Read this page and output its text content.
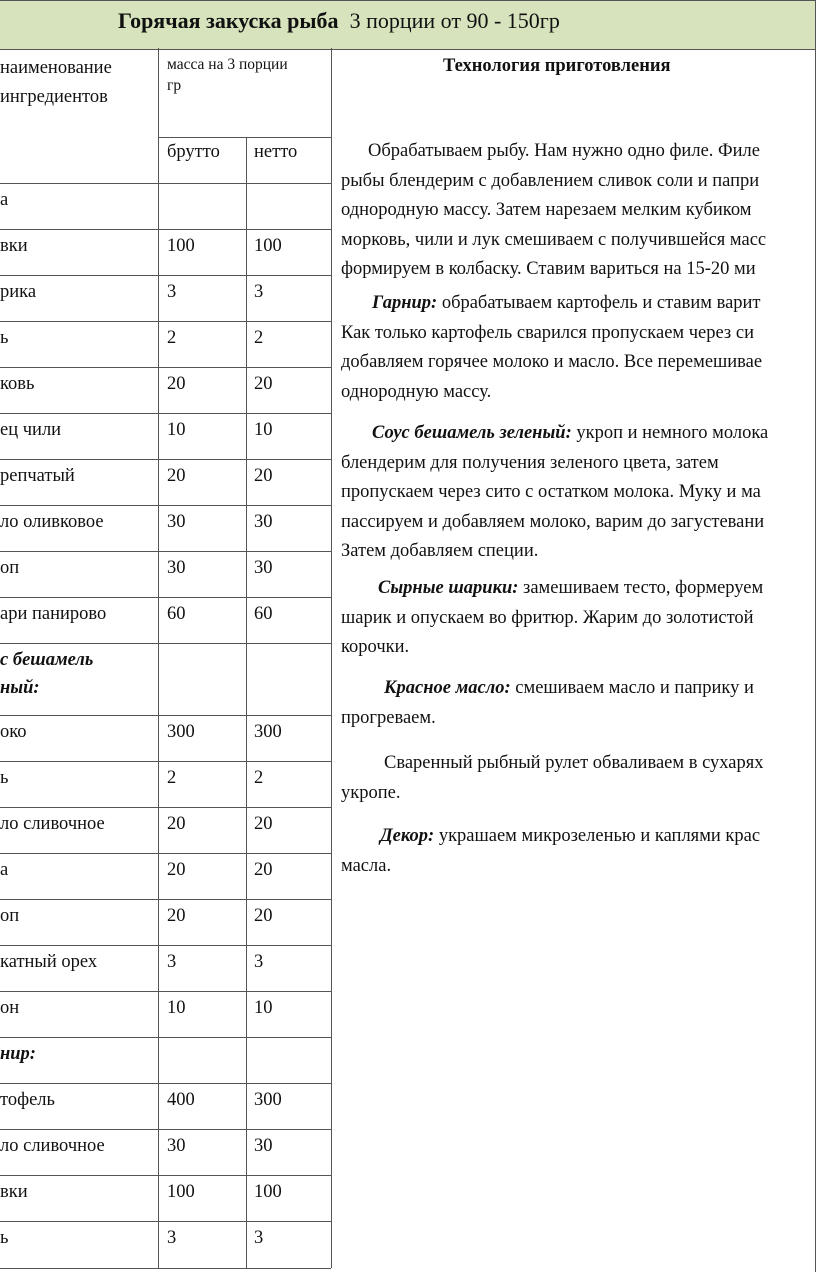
Горячая закуска рыба 3 порции от 90 - 150гр
наименование
ингредиентов
масса на 3 порции
гр
Технология приготовления
брутто нетто
а
вки	100	100
рика	3	3
ь	2	2
ковь	20	20
ец чили	10	10
репчатый	20	20
ло оливковое	30	30
оп	30	30
ари панирово	60	60
с бешамель
ный:
око	300	300
ь	2	2
ло сливочное	20	20
а	20	20
оп	20	20
катный орех	3	3
он	10	10
нир:
тофель	400	300
ло сливочное	30	30
вки	100	100
ь	3	3
Обрабатываем рыбу. Нам нужно одно филе. Филе
рыбы блендерим с добавлением сливок соли и папри
однородную массу. Затем нарезаем мелким кубиком
морковь, чили и лук смешиваем с получившейся масс
формируем в колбаску. Ставим вариться на 15-20 ми
Гарнир: обрабатываем картофель и ставим варит
Как только картофель сварился пропускаем через си
добавляем горячее молоко и масло. Все перемешивае
однородную массу.
Соус бешамель зеленый: укроп и немного молока
блендерим для получения зеленого цвета, затем
пропускаем через сито с остатком молока. Муку и ма
пассируем и добавляем молоко, варим до загустевани
Затем добавляем специи.
Сырные шарики: замешиваем тесто, формеруем
шарик и опускаем во фритюр. Жарим до золотистой
корочки.
Красное масло: смешиваем масло и паприку и
прогреваем.
Сваренный рыбный рулет обваливаем в сухарях
укропе.
Декор: украшаем микрозеленью и каплями крас
масла.
